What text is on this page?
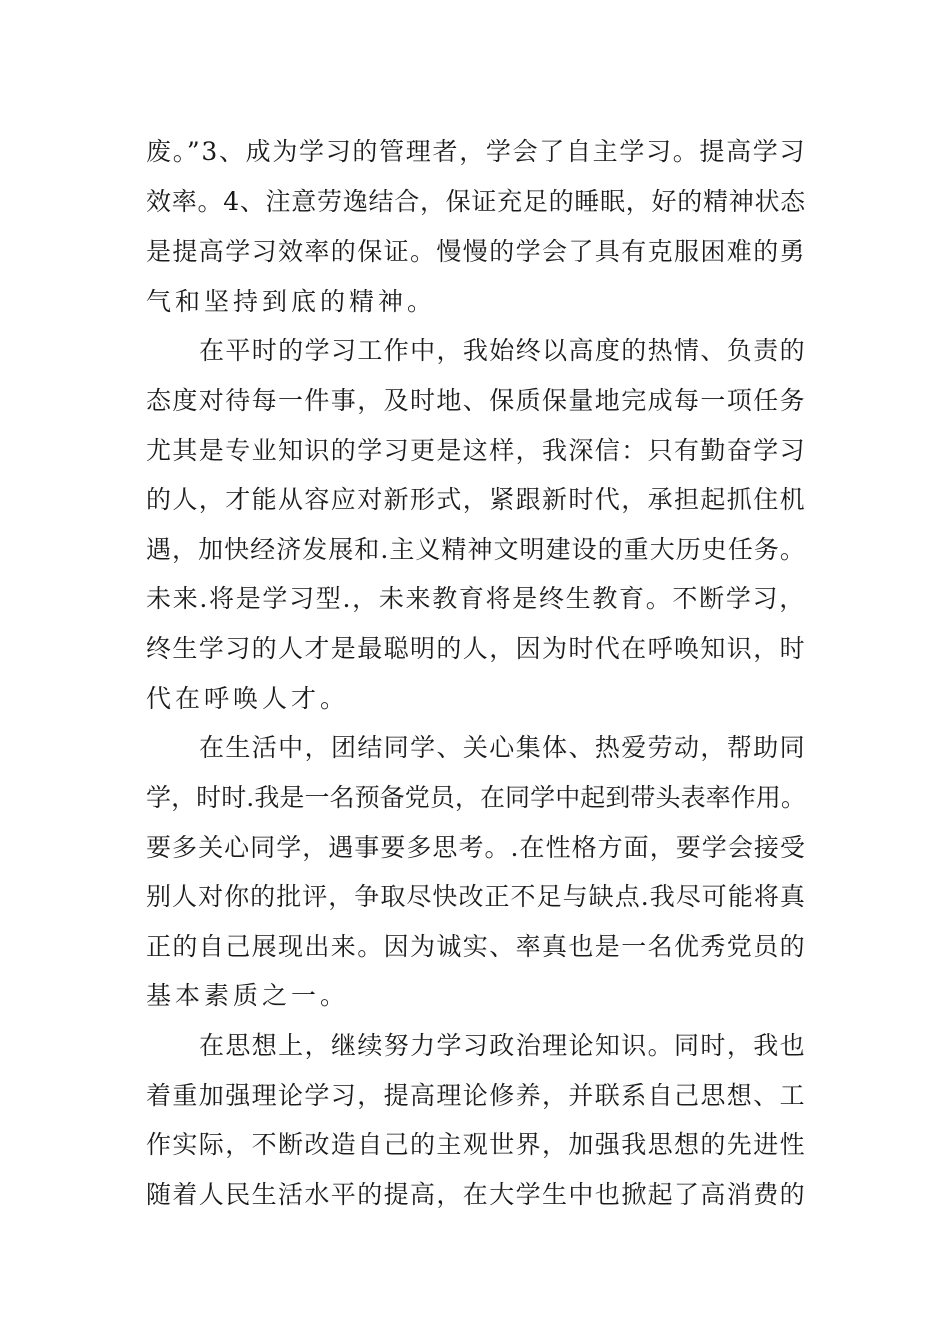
废。”3、成为学习的管理者，学会了自主学习。提高学习
效率。4、注意劳逸结合，保证充足的睡眠，好的精神状态
是提高学习效率的保证。慢慢的学会了具有克服困难的勇
气和坚持到底的精神。
在平时的学习工作中，我始终以高度的热情、负责的
态度对待每一件事，及时地、保质保量地完成每一项任务
尤其是专业知识的学习更是这样，我深信：只有勤奋学习
的人，才能从容应对新形式，紧跟新时代，承担起抓住机
遇，加快经济发展和.主义精神文明建设的重大历史任务。
未来.将是学习型.，未来教育将是终生教育。不断学习，
终生学习的人才是最聪明的人，因为时代在呼唤知识，时
代在呼唤人才。
在生活中，团结同学、关心集体、热爱劳动，帮助同
学，时时.我是一名预备党员，在同学中起到带头表率作用。
要多关心同学，遇事要多思考。.在性格方面，要学会接受
别人对你的批评，争取尽快改正不足与缺点.我尽可能将真
正的自己展现出来。因为诚实、率真也是一名优秀党员的
基本素质之一。
在思想上，继续努力学习政治理论知识。同时，我也
着重加强理论学习，提高理论修养，并联系自己思想、工
作实际，不断改造自己的主观世界，加强我思想的先进性
随着人民生活水平的提高，在大学生中也掀起了高消费的
